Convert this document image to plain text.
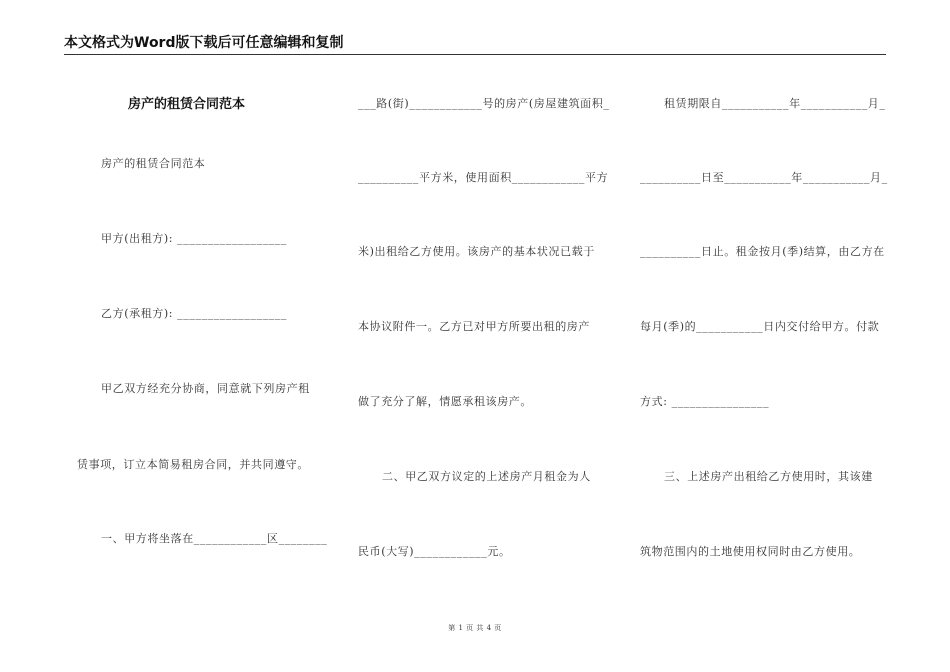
本文格式为Word版下载后可任意编辑和复制
房产的租赁合同范本
房产的租赁合同范本
甲方(出租方): __________________
乙方(承租方): __________________
甲乙双方经充分协商，同意就下列房产租
赁事项，订立本简易租房合同，并共同遵守。
一、甲方将坐落在____________区________
___路(街)____________号的房产(房屋建筑面积_
__________平方米，使用面积____________平方
米)出租给乙方使用。该房产的基本状况已载于
本协议附件一。乙方已对甲方所要出租的房产
做了充分了解，情愿承租该房产。
二、甲乙双方议定的上述房产月租金为人
民币(大写)____________元。
租赁期限自___________年___________月_
__________日至___________年___________月_
__________日止。租金按月(季)结算，由乙方在
每月(季)的___________日内交付给甲方。付款
方式: ________________
三、上述房产出租给乙方使用时，其该建
筑物范围内的土地使用权同时由乙方使用。
第 1 页 共 4 页
